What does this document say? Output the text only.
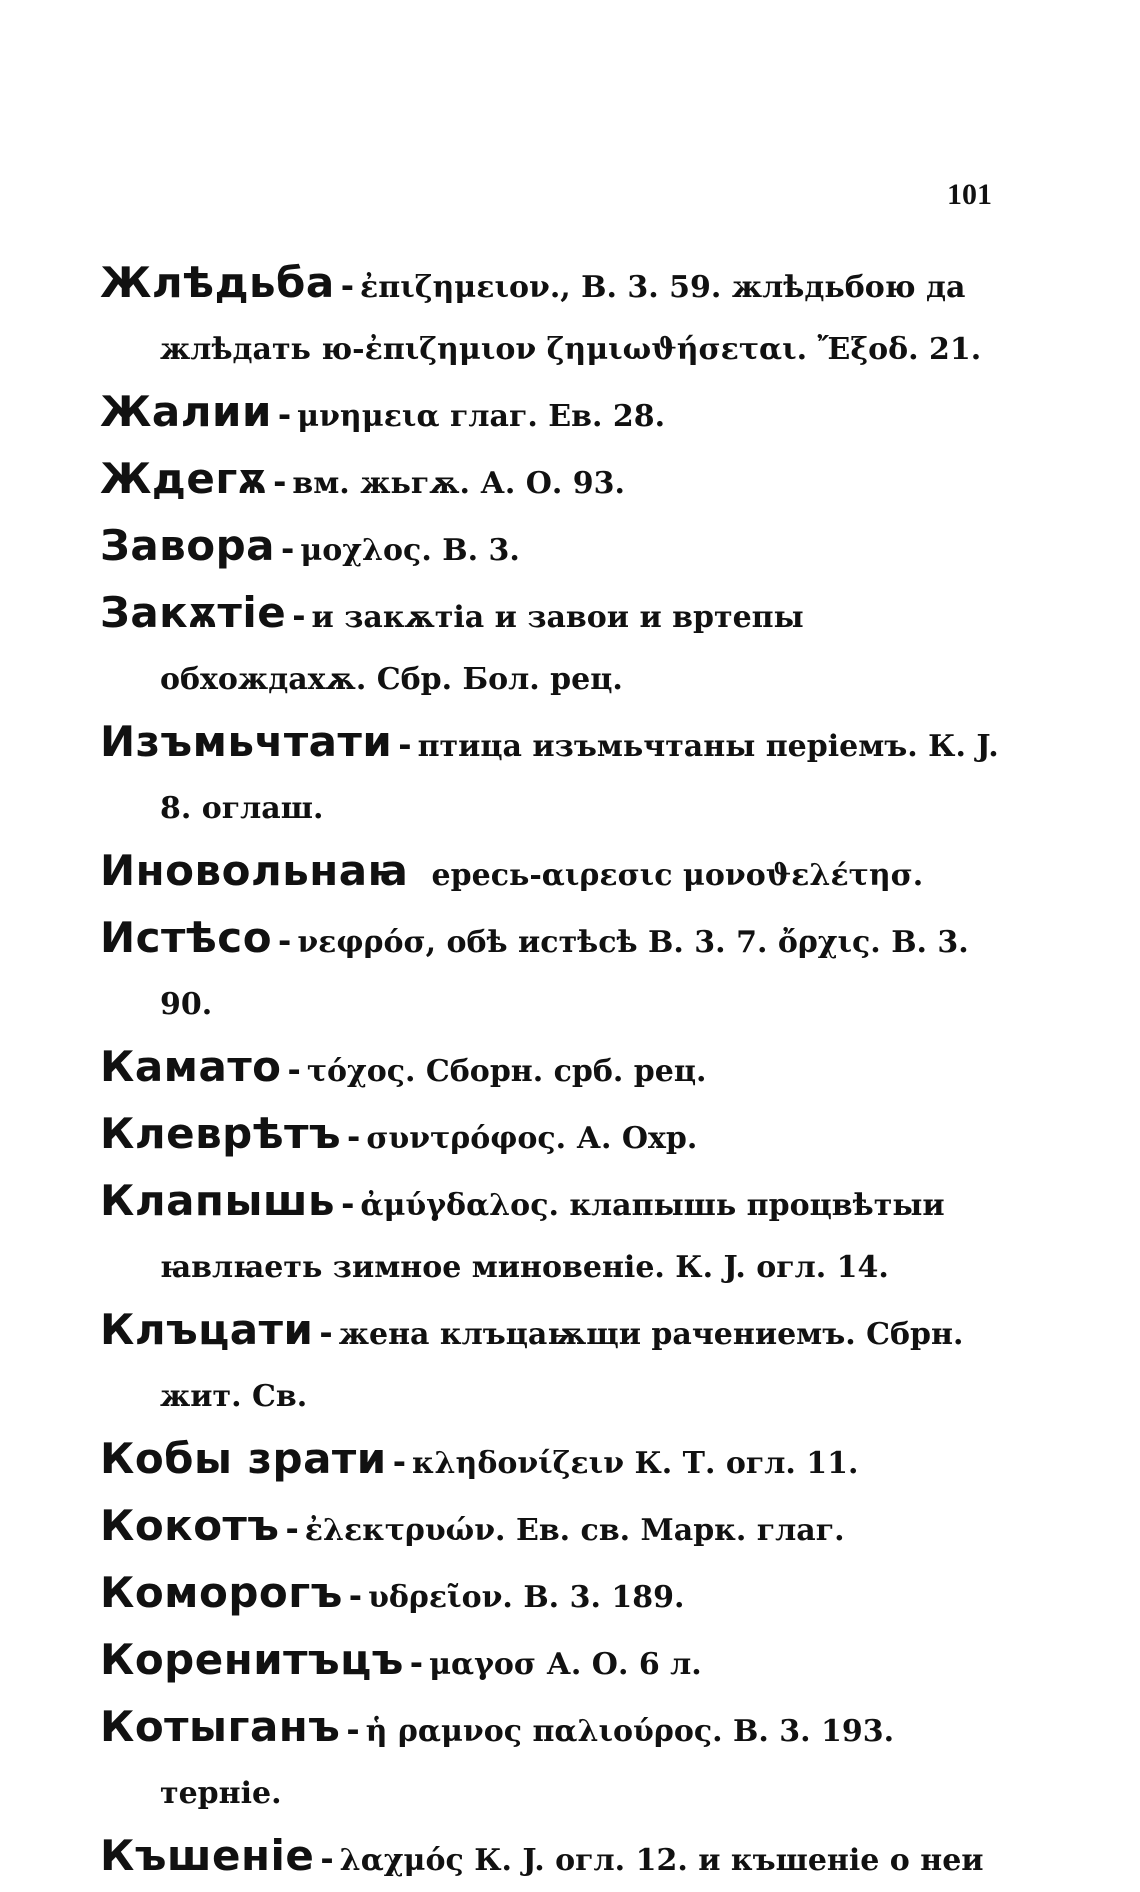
101
Жлѣдьба - ἐπιζημειον., В. 3. 59. жлѣдьбою да жлѣдать ю-ἐπιζημιον ζημιωϑήσεται. Ἔξοδ. 21.
Жалии - μνημεια глаг. Ев. 28.
Ждегѫ - вм. жьгѫ. А. О. 93.
Завора - μοχλος. В. 3.
Закѫтіе - и закѫтіа и завои и вртепы обхождахѫ. Сбр. Бол. рец.
Изъмьчтати - птица изъмьчтаны періемъ. К. J. 8. оглаш.
Иновольнаꙗ ересь-αιρεσιс μονοϑελέτησ.
Истѣсо - νεφρόσ, обѣ истѣсѣ В. 3. 7. ὄρχις. В. 3. 90.
Камато - τόχος. Сборн. срб. рец.
Клеврѣтъ - συντρόφος. А. Охр.
Клапышь - ἀμύγδαλος. клапышь процвѣтыи ꙗвлꙗеть зимное миновеніе. К. J. огл. 14.
Клъцати - жена клъцаѭщи рачениемъ. Сбрн. жит. Св.
Кобы зрати - κληδονίζειν К. Т. огл. 11.
Кокотъ - ἐλεκτρυών. Ев. св. Марк. глаг.
Коморогъ - υδρεῖον. В. 3. 189.
Коренитъцъ - μαγοσ А. О. 6 л.
Котыганъ - ἡ ραμνος παλιούρος. В. 3. 193. терніе.
Къшеніе - λαχμός К. J. огл. 12. и къшеніе о неи
